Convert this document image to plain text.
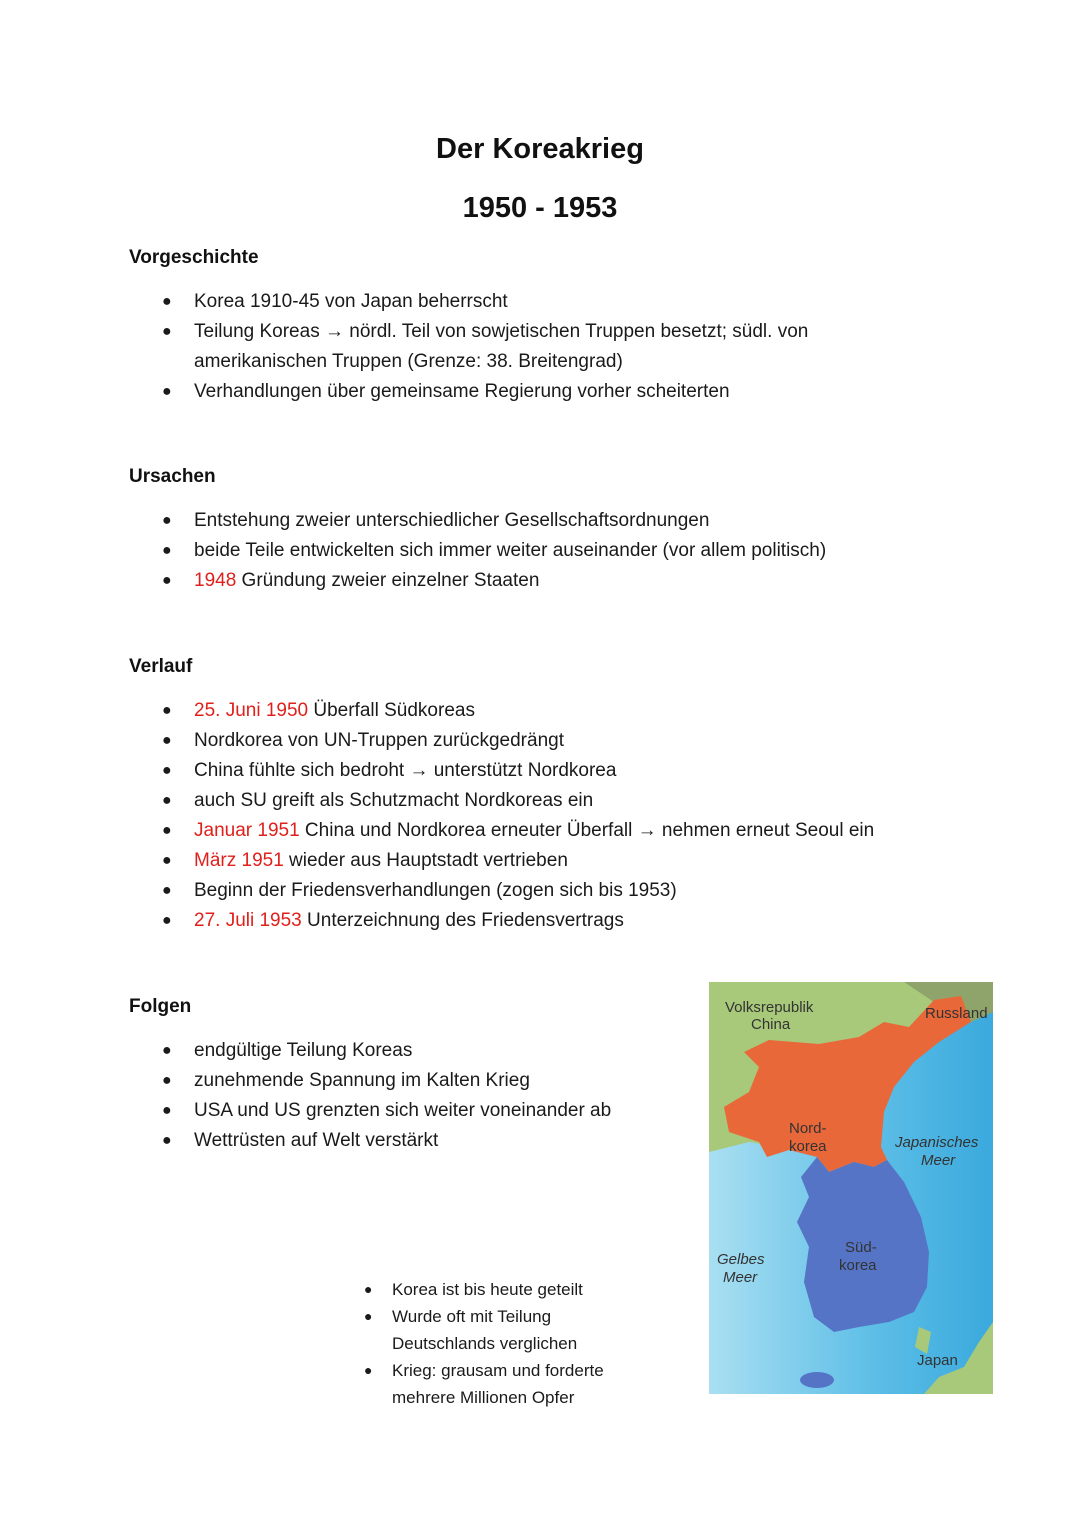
Der Koreakrieg
1950 - 1953
Vorgeschichte
● Korea 1910-45 von Japan beherrscht
● Teilung Koreas → nördl. Teil von sowjetischen Truppen besetzt; südl. von
amerikanischen Truppen (Grenze: 38. Breitengrad)
● Verhandlungen über gemeinsame Regierung vorher scheiterten
Ursachen
● Entstehung zweier unterschiedlicher Gesellschaftsordnungen
● beide Teile entwickelten sich immer weiter auseinander (vor allem politisch)
● 1948 Gründung zweier einzelner Staaten
Verlauf
● 25. Juni 1950 Überfall Südkoreas
● Nordkorea von UN-Truppen zurückgedrängt
● China fühlte sich bedroht → unterstützt Nordkorea
● auch SU greift als Schutzmacht Nordkoreas ein
● Januar 1951 China und Nordkorea erneuter Überfall → nehmen erneut Seoul ein
● März 1951 wieder aus Hauptstadt vertrieben
● Beginn der Friedensverhandlungen (zogen sich bis 1953)
● 27. Juli 1953 Unterzeichnung des Friedensvertrags
Folgen
● endgültige Teilung Koreas
● zunehmende Spannung im Kalten Krieg
● USA und US grenzten sich weiter voneinander ab
● Wettrüsten auf Welt verstärkt
● Korea ist bis heute geteilt
● Wurde oft mit Teilung
Deutschlands verglichen
● Krieg: grausam und forderte
mehrere Millionen Opfer
Volksrepublik
China
Russland
Nord-
korea	Japanisches
Meer
Gelbes
Meer
Süd-
korea
Japan
